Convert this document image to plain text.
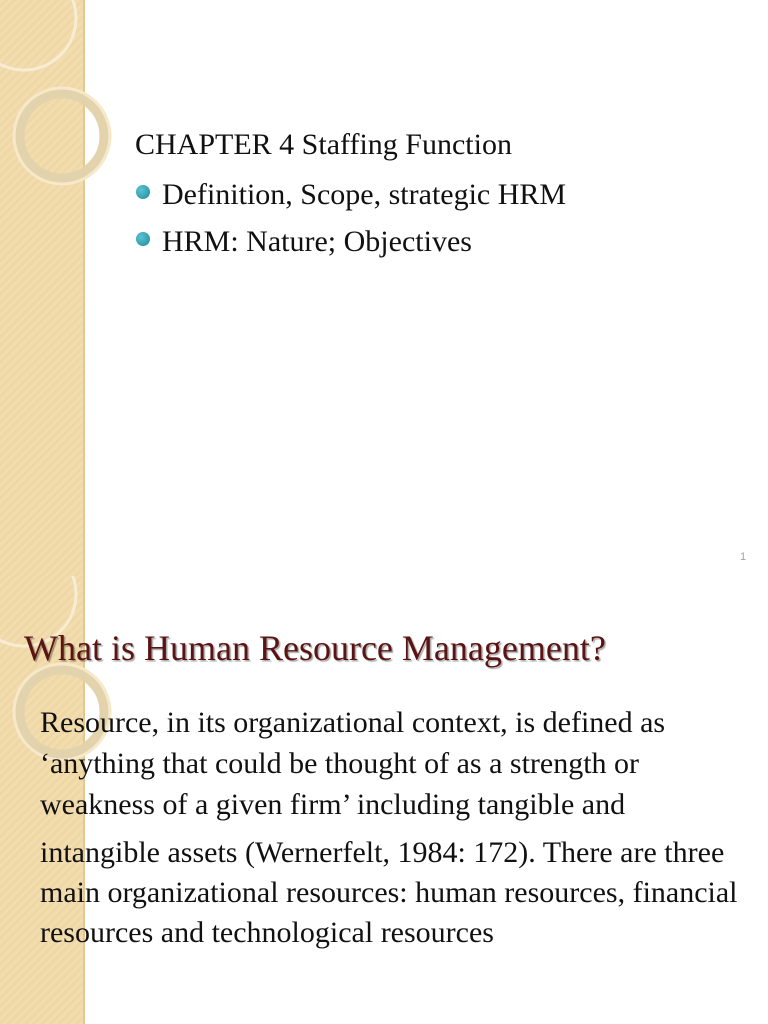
CHAPTER 4 Staffing Function
Definition, Scope, strategic HRM
HRM: Nature; Objectives
1
What is Human Resource Management?

Resource, in its organizational context, is defined as ‘anything that could be thought of as a strength or weakness of a given firm’ including tangible and

intangible assets (Wernerfelt, 1984: 172). There are three main organizational resources: human resources, financial resources and technological resources
